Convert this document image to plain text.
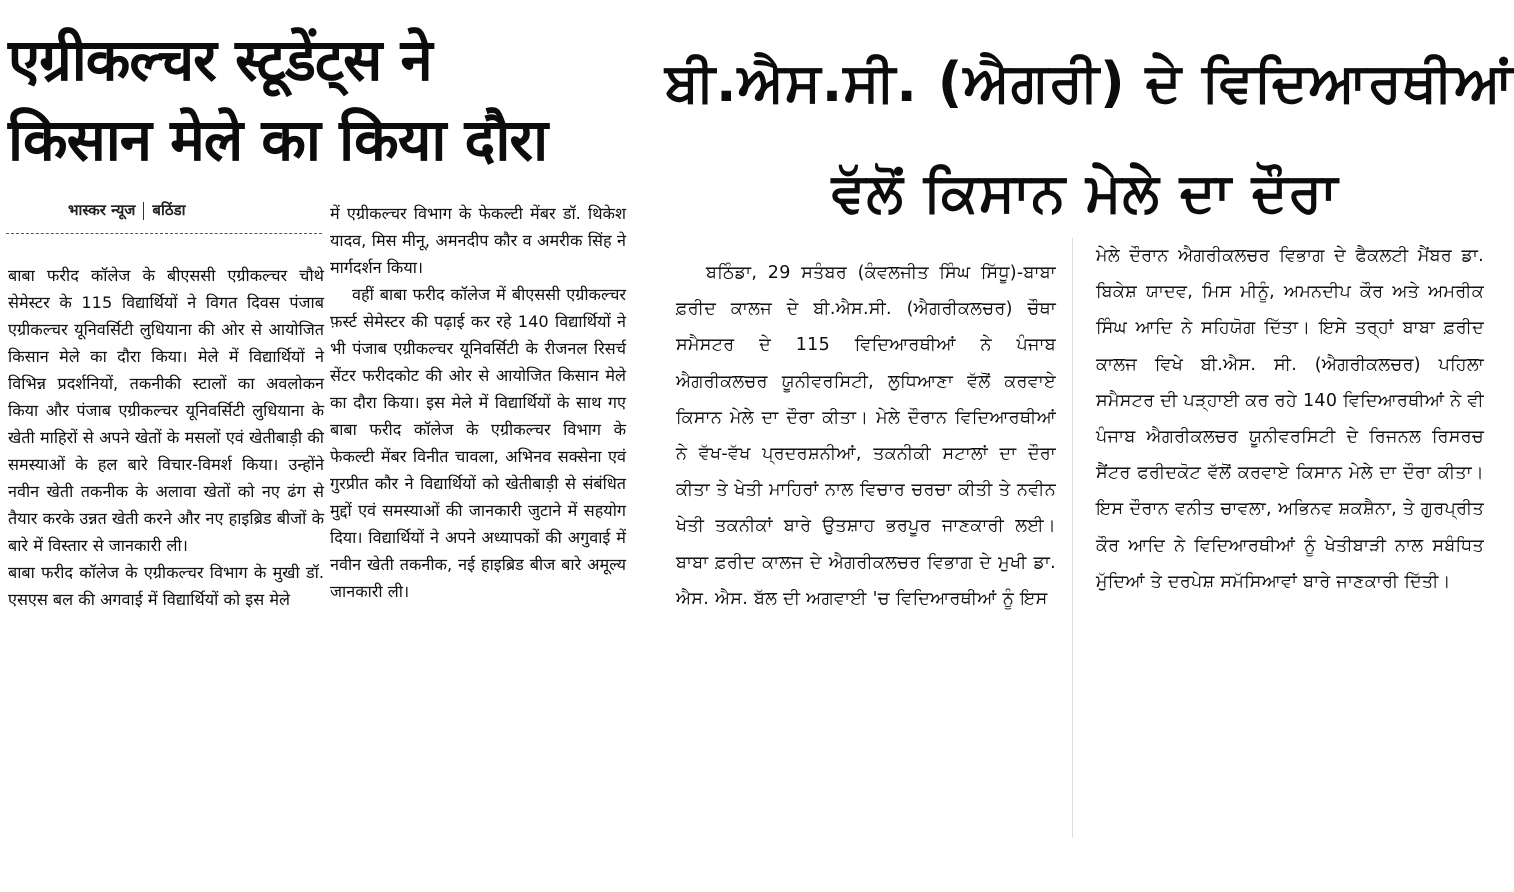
एग्रीकल्चर स्टूडेंट्स ने
किसान मेले का किया दौरा
भास्कर न्यूज बठिंडा

बाबा फरीद कॉलेज के बीएससी एग्रीकल्चर चौथे सेमेस्टर के 115 विद्यार्थियों ने विगत दिवस पंजाब एग्रीकल्चर यूनिवर्सिटी लुधियाना की ओर से आयोजित किसान मेले का दौरा किया। मेले में विद्यार्थियों ने विभिन्न प्रदर्शनियों, तकनीकी स्टालों का अवलोकन किया और पंजाब एग्रीकल्चर यूनिवर्सिटी लुधियाना के खेती माहिरों से अपने खेतों के मसलों एवं खेतीबाड़ी की समस्याओं के हल बारे विचार-विमर्श किया। उन्होंने नवीन खेती तकनीक के अलावा खेतों को नए ढंग से तैयार करके उन्नत खेती करने और नए हाइब्रिड बीजों के बारे में विस्तार से जानकारी ली।

बाबा फरीद कॉलेज के एग्रीकल्चर विभाग के मुखी डॉ. एसएस बल की अगवाई में विद्यार्थियों को इस मेले

में एग्रीकल्चर विभाग के फेकल्टी मेंबर डॉ. थिकेश यादव, मिस मीनू, अमनदीप कौर व अमरीक सिंह ने मार्गदर्शन किया।

वहीं बाबा फरीद कॉलेज में बीएससी एग्रीकल्चर फ़र्स्ट सेमेस्टर की पढ़ाई कर रहे 140 विद्यार्थियों ने भी पंजाब एग्रीकल्चर यूनिवर्सिटी के रीजनल रिसर्च सेंटर फरीदकोट की ओर से आयोजित किसान मेले का दौरा किया। इस मेले में विद्यार्थियों के साथ गए बाबा फरीद कॉलेज के एग्रीकल्चर विभाग के फेकल्टी मेंबर विनीत चावला, अभिनव सक्सेना एवं गुरप्रीत कौर ने विद्यार्थियों को खेतीबाड़ी से संबंधित मुद्दों एवं समस्याओं की जानकारी जुटाने में सहयोग दिया। विद्यार्थियों ने अपने अध्यापकों की अगुवाई में नवीन खेती तकनीक, नई हाइब्रिड बीज बारे अमूल्य जानकारी ली।

ਬੀ.ਐਸ.ਸੀ. (ਐਗਰੀ) ਦੇ ਵਿਦਿਆਰਥੀਆਂ
ਵੱਲੋਂ ਕਿਸਾਨ ਮੇਲੇ ਦਾ ਦੌਰਾ

ਬਠਿੰਡਾ, 29 ਸਤੰਬਰ (ਕੰਵਲਜੀਤ ਸਿੰਘ ਸਿੱਧੂ)-ਬਾਬਾ ਫ਼ਰੀਦ ਕਾਲਜ ਦੇ ਬੀ.ਐਸ.ਸੀ. (ਐਗਰੀਕਲਚਰ) ਚੌਥਾ ਸਮੈਸਟਰ ਦੇ 115 ਵਿਦਿਆਰਥੀਆਂ ਨੇ ਪੰਜਾਬ ਐਗਰੀਕਲਚਰ ਯੂਨੀਵਰਸਿਟੀ, ਲੁਧਿਆਣਾ ਵੱਲੋਂ ਕਰਵਾਏ ਕਿਸਾਨ ਮੇਲੇ ਦਾ ਦੌਰਾ ਕੀਤਾ। ਮੇਲੇ ਦੌਰਾਨ ਵਿਦਿਆਰਥੀਆਂ ਨੇ ਵੱਖ-ਵੱਖ ਪ੍ਰਦਰਸ਼ਨੀਆਂ, ਤਕਨੀਕੀ ਸਟਾਲਾਂ ਦਾ ਦੌਰਾ ਕੀਤਾ ਤੇ ਖੇਤੀ ਮਾਹਿਰਾਂ ਨਾਲ ਵਿਚਾਰ ਚਰਚਾ ਕੀਤੀ ਤੇ ਨਵੀਨ ਖੇਤੀ ਤਕਨੀਕਾਂ ਬਾਰੇ ਉਤਸ਼ਾਹ ਭਰਪੂਰ ਜਾਣਕਾਰੀ ਲਈ। ਬਾਬਾ ਫ਼ਰੀਦ ਕਾਲਜ ਦੇ ਐਗਰੀਕਲਚਰ ਵਿਭਾਗ ਦੇ ਮੁਖੀ ਡਾ. ਐਸ. ਐਸ. ਬੱਲ ਦੀ ਅਗਵਾਈ 'ਚ ਵਿਦਿਆਰਥੀਆਂ ਨੂੰ ਇਸ

ਮੇਲੇ ਦੌਰਾਨ ਐਗਰੀਕਲਚਰ ਵਿਭਾਗ ਦੇ ਫੈਕਲਟੀ ਮੈਂਬਰ ਡਾ. ਬਿਕੇਸ਼ ਯਾਦਵ, ਮਿਸ ਮੀਨੂੰ, ਅਮਨਦੀਪ ਕੌਰ ਅਤੇ ਅਮਰੀਕ ਸਿੰਘ ਆਦਿ ਨੇ ਸਹਿਯੋਗ ਦਿੱਤਾ। ਇਸੇ ਤਰ੍ਹਾਂ ਬਾਬਾ ਫ਼ਰੀਦ ਕਾਲਜ ਵਿਖੇ ਬੀ.ਐਸ. ਸੀ. (ਐਗਰੀਕਲਚਰ) ਪਹਿਲਾ ਸਮੈਸਟਰ ਦੀ ਪੜ੍ਹਾਈ ਕਰ ਰਹੇ 140 ਵਿਦਿਆਰਥੀਆਂ ਨੇ ਵੀ ਪੰਜਾਬ ਐਗਰੀਕਲਚਰ ਯੂਨੀਵਰਸਿਟੀ ਦੇ ਰਿਜਨਲ ਰਿਸਰਚ ਸੈਂਟਰ ਫਰੀਦਕੋਟ ਵੱਲੋਂ ਕਰਵਾਏ ਕਿਸਾਨ ਮੇਲੇ ਦਾ ਦੌਰਾ ਕੀਤਾ। ਇਸ ਦੌਰਾਨ ਵਨੀਤ ਚਾਵਲਾ, ਅਭਿਨਵ ਸ਼ਕਸ਼ੈਨਾ, ਤੇ ਗੁਰਪ੍ਰੀਤ ਕੌਰ ਆਦਿ ਨੇ ਵਿਦਿਆਰਥੀਆਂ ਨੂੰ ਖੇਤੀਬਾੜੀ ਨਾਲ ਸਬੰਧਿਤ ਮੁੱਦਿਆਂ ਤੇ ਦਰਪੇਸ਼ ਸਮੱਸਿਆਵਾਂ ਬਾਰੇ ਜਾਣਕਾਰੀ ਦਿੱਤੀ।
